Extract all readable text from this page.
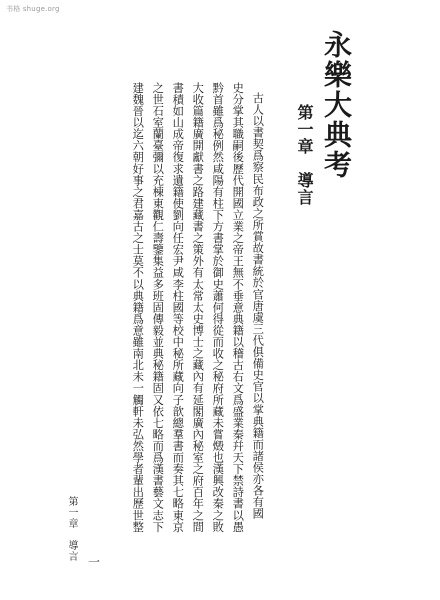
书格 shuge.org
永樂大典考
第一章　導言
古人以書契爲察民布政之所賞故書統於官唐虞三代俱備史官以掌典籍而諸侯亦各有國
史分掌其職嗣後歷代開國立業之帝王無不垂意典籍以稽古右文爲盛業秦幷天下禁詩書以愚
黔首雖爲秘例然咸陽有柱下方書掌於御史蕭何得從而收之秘府所藏未嘗燬也漢興改秦之敗
大收篇籍廣開獻書之路建藏書之策外有太常太史博士之藏內有延閣廣內秘室之府百年之間
書積如山成帝復求遺籍使劉向任宏尹咸李柱國等校中秘所藏向子歆總羣書而奏其七略東京
之世石室蘭臺彌以充棟東觀仁壽鑒集益多班固傳毅並典秘籍固又依七略而爲漢書藝文志下
建魏晉以迄六朝好事之君嘉古之士莫不以典籍爲意雖南北未一觸軒未弘然學者輩出歷世整
第一章　導言 一
